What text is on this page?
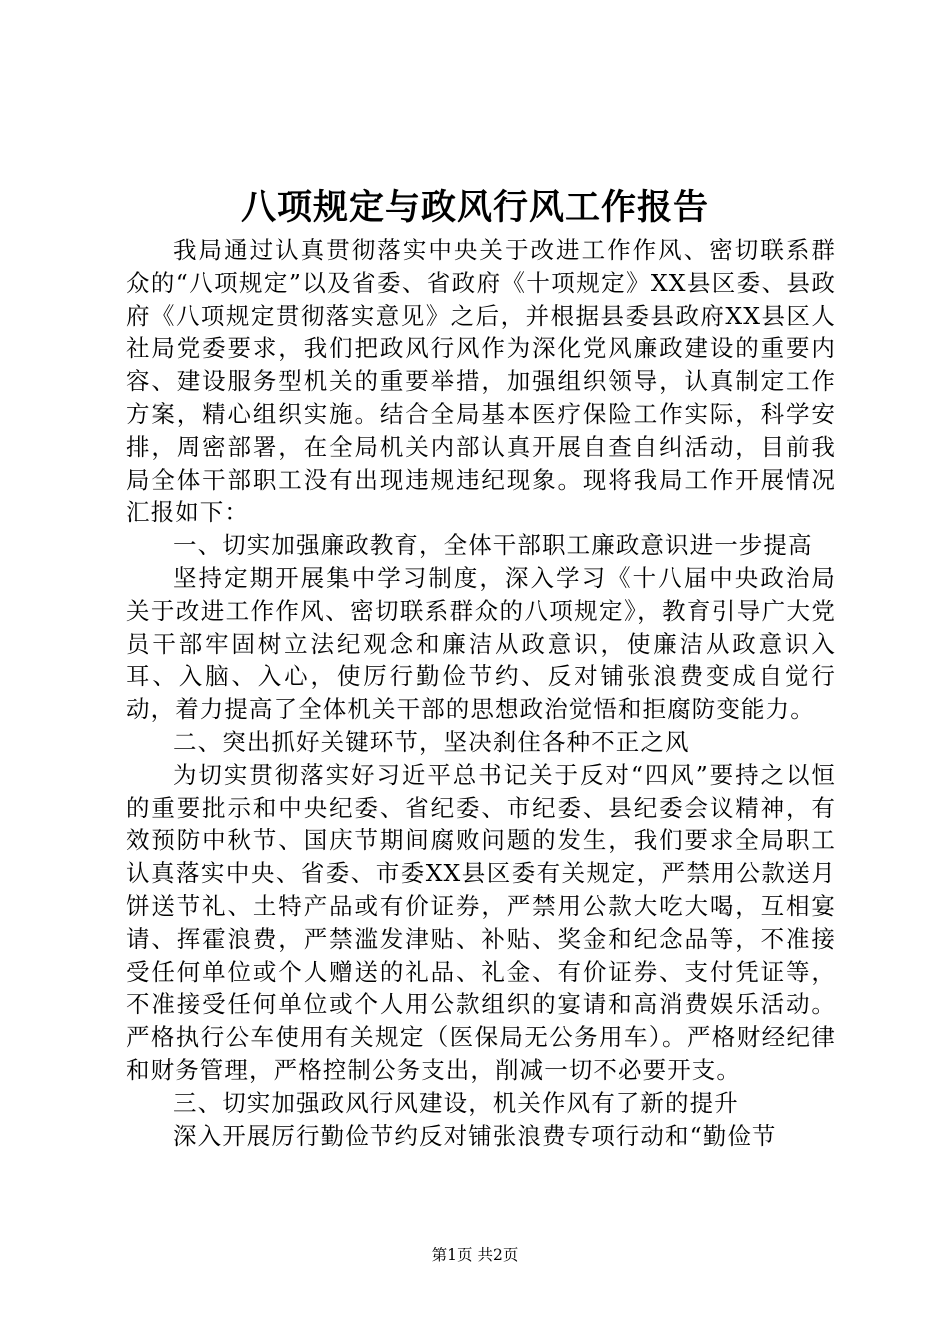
八项规定与政风行风工作报告

我局通过认真贯彻落实中央关于改进工作作风、密切联系群众的“八项规定”以及省委、省政府《十项规定》XX县区委、县政府《八项规定贯彻落实意见》之后，并根据县委县政府XX县区人社局党委要求，我们把政风行风作为深化党风廉政建设的重要内容、建设服务型机关的重要举措，加强组织领导，认真制定工作方案，精心组织实施。结合全局基本医疗保险工作实际，科学安排，周密部署，在全局机关内部认真开展自查自纠活动，目前我局全体干部职工没有出现违规违纪现象。现将我局工作开展情况汇报如下：

一、切实加强廉政教育，全体干部职工廉政意识进一步提高

坚持定期开展集中学习制度，深入学习《十八届中央政治局关于改进工作作风、密切联系群众的八项规定》，教育引导广大党员干部牢固树立法纪观念和廉洁从政意识，使廉洁从政意识入耳、入脑、入心，使厉行勤俭节约、反对铺张浪费变成自觉行动，着力提高了全体机关干部的思想政治觉悟和拒腐防变能力。

二、突出抓好关键环节，坚决刹住各种不正之风

为切实贯彻落实好习近平总书记关于反对“四风”要持之以恒的重要批示和中央纪委、省纪委、市纪委、县纪委会议精神，有效预防中秋节、国庆节期间腐败问题的发生，我们要求全局职工认真落实中央、省委、市委XX县区委有关规定，严禁用公款送月饼送节礼、土特产品或有价证券，严禁用公款大吃大喝，互相宴请、挥霍浪费，严禁滥发津贴、补贴、奖金和纪念品等，不准接受任何单位或个人赠送的礼品、礼金、有价证券、支付凭证等，不准接受任何单位或个人用公款组织的宴请和高消费娱乐活动。严格执行公车使用有关规定（医保局无公务用车）。严格财经纪律和财务管理，严格控制公务支出，削减一切不必要开支。

三、切实加强政风行风建设，机关作风有了新的提升

深入开展厉行勤俭节约反对铺张浪费专项行动和“勤俭节

第1页 共2页
